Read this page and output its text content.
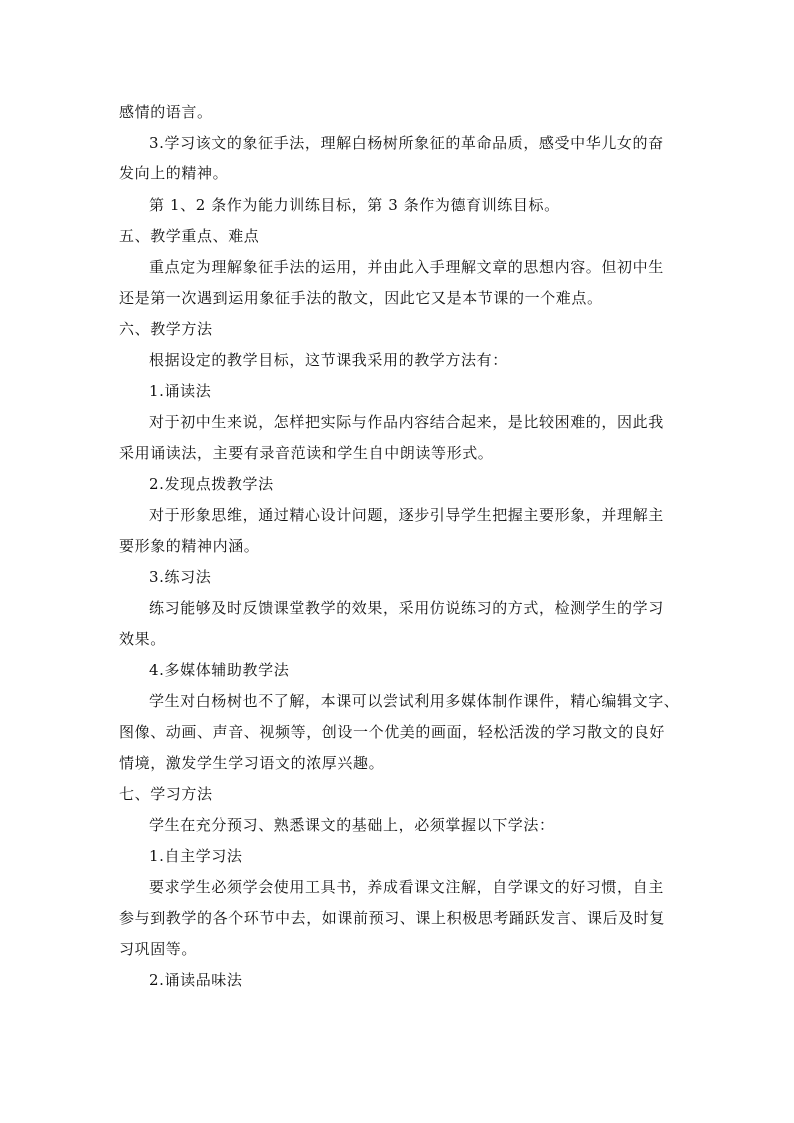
感情的语言。
3.学习该文的象征手法，理解白杨树所象征的革命品质，感受中华儿女的奋
发向上的精神。
第 1、2 条作为能力训练目标，第 3 条作为德育训练目标。
五、教学重点、难点
重点定为理解象征手法的运用，并由此入手理解文章的思想内容。但初中生
还是第一次遇到运用象征手法的散文，因此它又是本节课的一个难点。
六、教学方法
根据设定的教学目标，这节课我采用的教学方法有：
1.诵读法
对于初中生来说，怎样把实际与作品内容结合起来，是比较困难的，因此我
采用诵读法，主要有录音范读和学生自中朗读等形式。
2.发现点拨教学法
对于形象思维，通过精心设计问题，逐步引导学生把握主要形象，并理解主
要形象的精神内涵。
3.练习法
练习能够及时反馈课堂教学的效果，采用仿说练习的方式，检测学生的学习
效果。
4.多媒体辅助教学法
学生对白杨树也不了解，本课可以尝试利用多媒体制作课件，精心编辑文字、
图像、动画、声音、视频等，创设一个优美的画面，轻松活泼的学习散文的良好
情境，激发学生学习语文的浓厚兴趣。
七、学习方法
学生在充分预习、熟悉课文的基础上，必须掌握以下学法：
1.自主学习法
要求学生必须学会使用工具书，养成看课文注解，自学课文的好习惯，自主
参与到教学的各个环节中去，如课前预习、课上积极思考踊跃发言、课后及时复
习巩固等。
2.诵读品味法
